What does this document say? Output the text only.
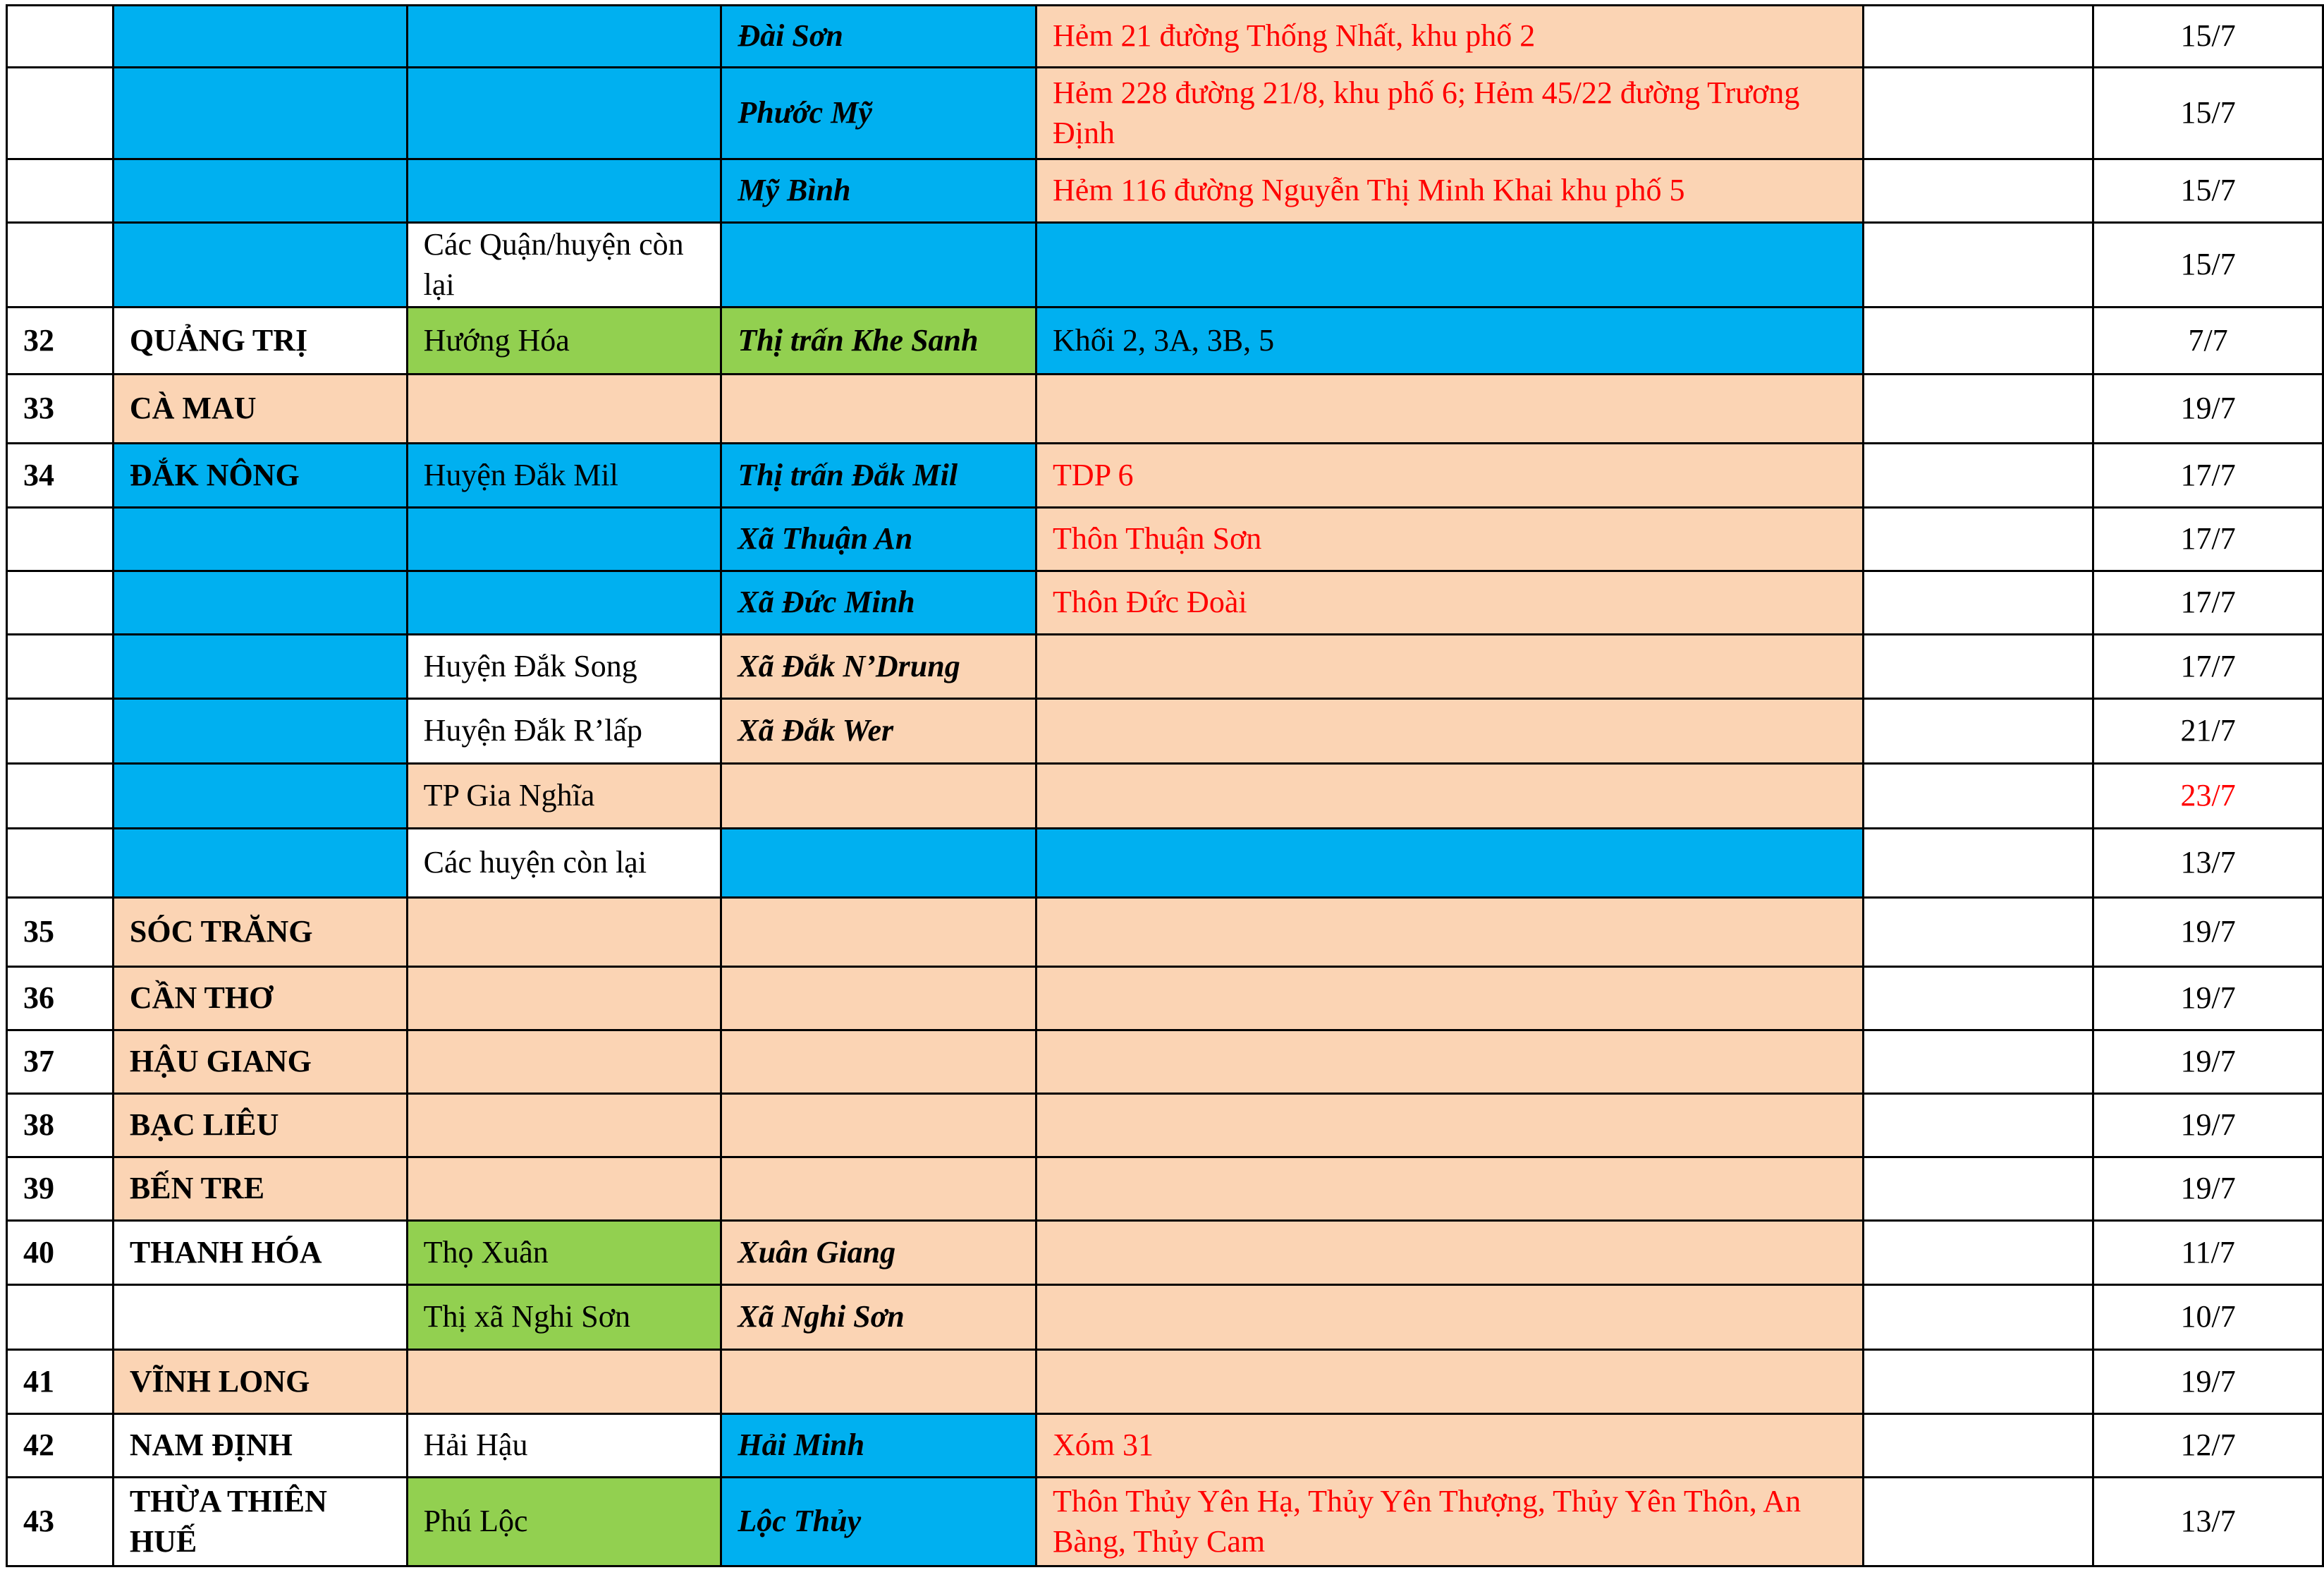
			Đài Sơn	Hẻm 21 đường Thống Nhất, khu phố 2		15/7
			Phước Mỹ	Hẻm 228 đường 21/8, khu phố 6; Hẻm 45/22 đường Trương Định		15/7
			Mỹ Bình	Hẻm 116 đường Nguyễn Thị Minh Khai khu phố 5		15/7
		Các Quận/huyện còn lại				15/7
32	QUẢNG TRỊ	Hướng Hóa	Thị trấn Khe Sanh	Khối 2, 3A, 3B, 5		7/7
33	CÀ MAU					19/7
34	ĐẮK NÔNG	Huyện Đắk Mil	Thị trấn Đắk Mil	TDP 6		17/7
			Xã Thuận An	Thôn Thuận Sơn		17/7
			Xã Đức Minh	Thôn Đức Đoài		17/7
		Huyện Đắk Song	Xã Đắk N’Drung			17/7
		Huyện Đắk R’lấp	Xã Đắk Wer			21/7
		TP Gia Nghĩa				23/7
		Các huyện còn lại				13/7
35	SÓC TRĂNG					19/7
36	CẦN THƠ					19/7
37	HẬU GIANG					19/7
38	BẠC LIÊU					19/7
39	BẾN TRE					19/7
40	THANH HÓA	Thọ Xuân	Xuân Giang			11/7
		Thị xã Nghi Sơn	Xã Nghi Sơn			10/7
41	VĨNH LONG					19/7
42	NAM ĐỊNH	Hải Hậu	Hải Minh	Xóm 31		12/7
43	THỪA THIÊN HUẾ	Phú Lộc	Lộc Thủy	Thôn Thủy Yên Hạ, Thủy Yên Thượng, Thủy Yên Thôn, An Bàng, Thủy Cam		13/7
